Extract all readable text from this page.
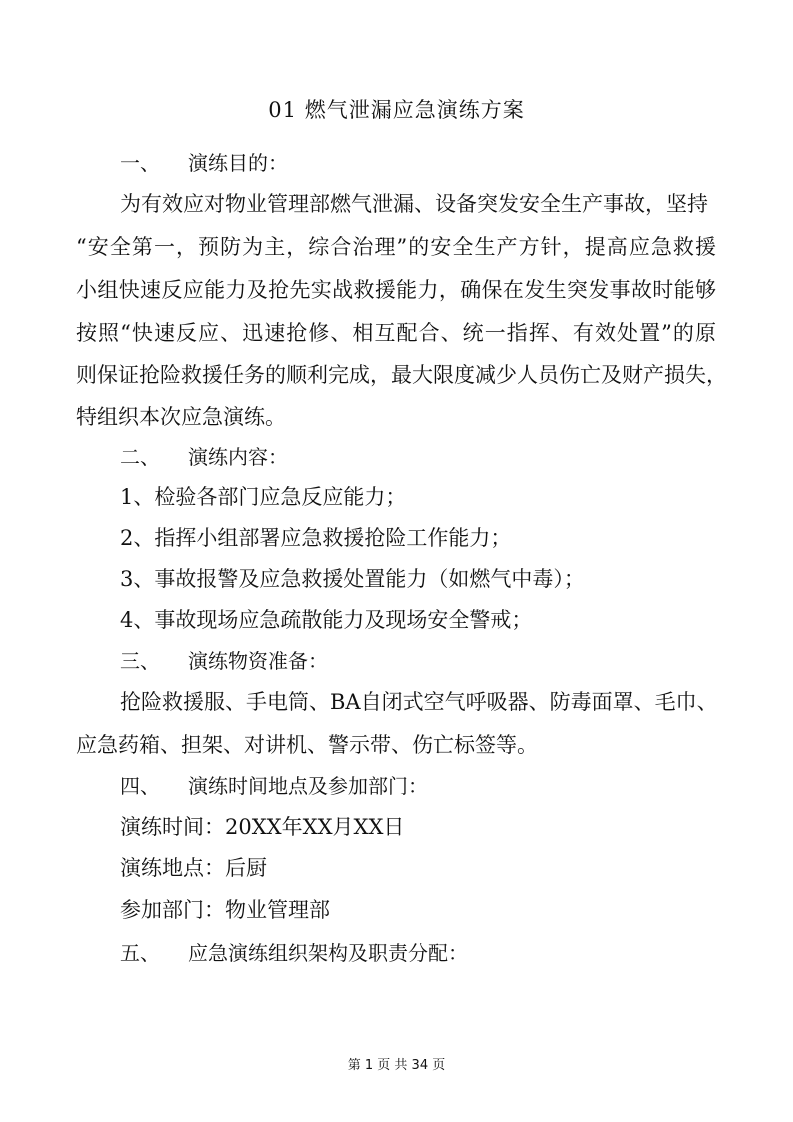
01 燃气泄漏应急演练方案
一、 演练目的：
为有效应对物业管理部燃气泄漏、设备突发安全生产事故，坚持
“安全第一，预防为主，综合治理”的安全生产方针，提高应急救援
小组快速反应能力及抢先实战救援能力，确保在发生突发事故时能够
按照“快速反应、迅速抢修、相互配合、统一指挥、有效处置”的原
则保证抢险救援任务的顺利完成，最大限度减少人员伤亡及财产损失，
特组织本次应急演练。
二、 演练内容：
1、检验各部门应急反应能力；
2、指挥小组部署应急救援抢险工作能力；
3、事故报警及应急救援处置能力（如燃气中毒）；
4、事故现场应急疏散能力及现场安全警戒；
三、 演练物资准备：
抢险救援服、手电筒、BA自闭式空气呼吸器、防毒面罩、毛巾、
应急药箱、担架、对讲机、警示带、伤亡标签等。
四、 演练时间地点及参加部门：
演练时间：20XX年XX月XX日
演练地点：后厨
参加部门：物业管理部
五、 应急演练组织架构及职责分配：
第 1 页 共 34 页
